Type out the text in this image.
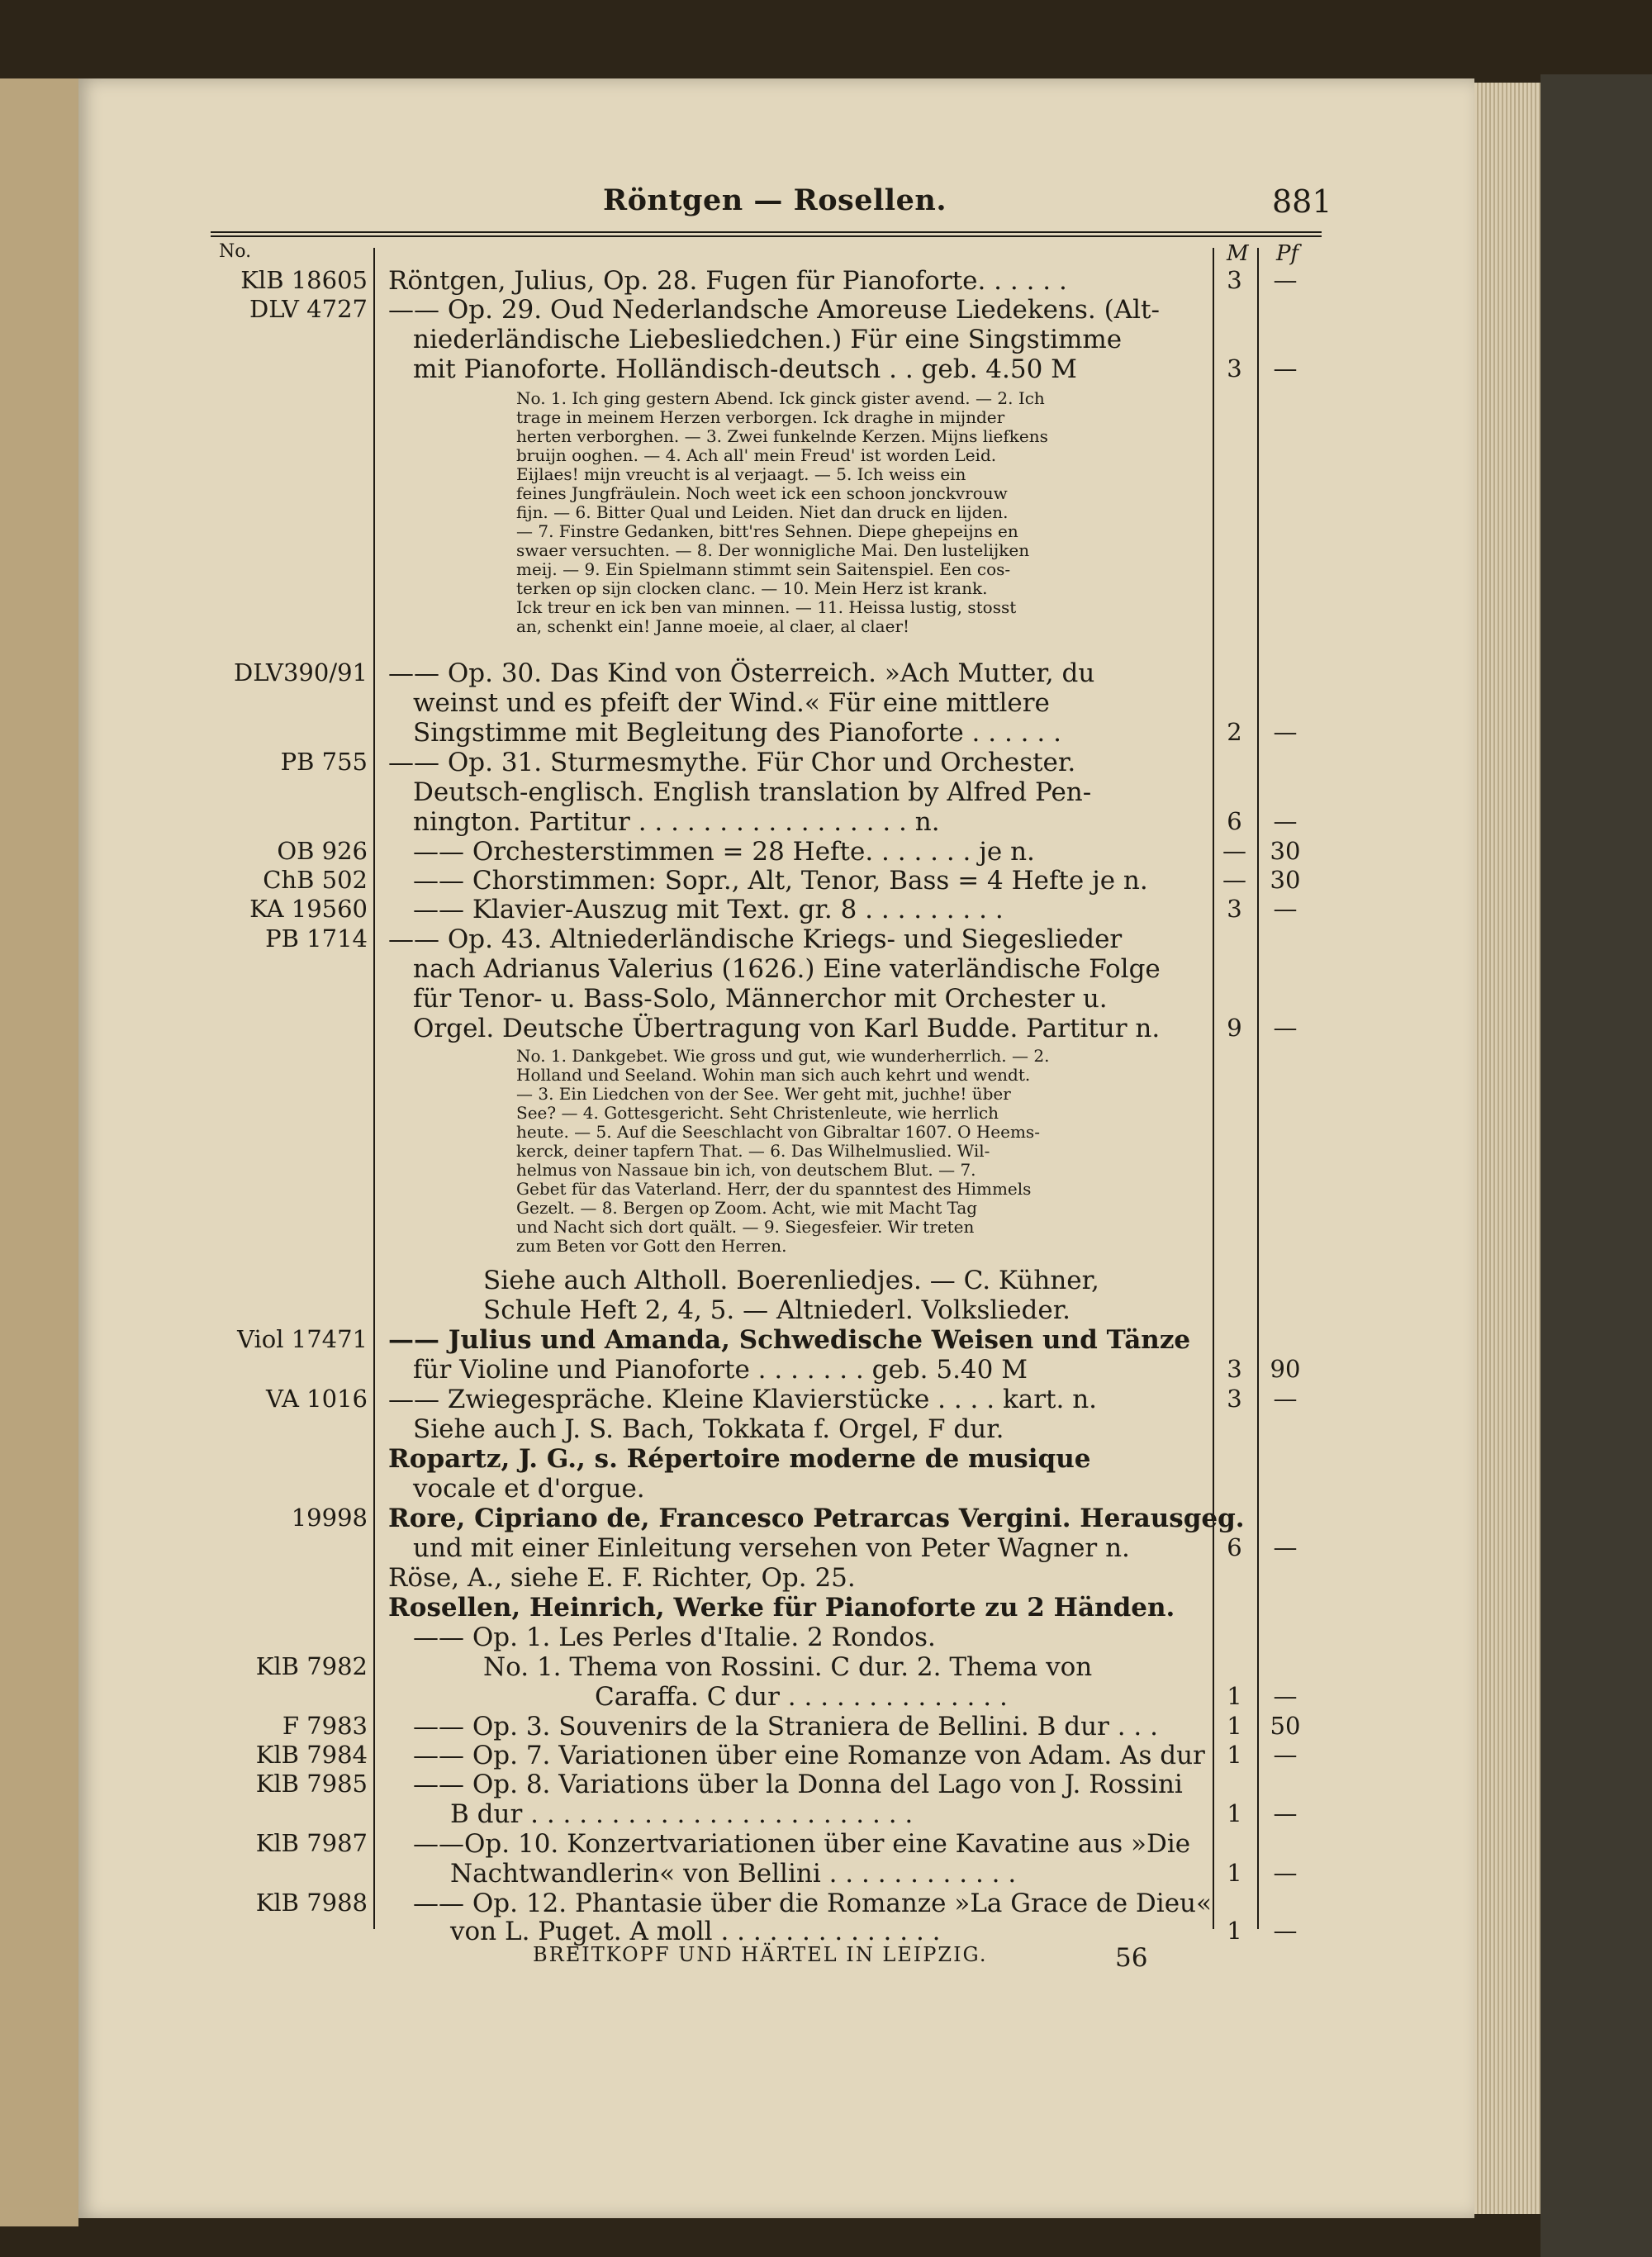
Röntgen — Rosellen.	881
No.	M Pf
KlB 18605 Röntgen, Julius, Op. 28. Fugen für Pianoforte. . . . . .	3	—
DLV 4727 —— Op. 29. Oud Nederlandsche Amoreuse Liedekens. (Alt-
niederländische Liebesliedchen.) Für eine Singstimme
mit Pianoforte. Holländisch-deutsch . . geb. 4.50 M	3	—
No. 1. Ich ging gestern Abend. Ick ginck gister avend. — 2. Ich
trage in meinem Herzen verborgen. Ick draghe in mijnder
herten verborghen. — 3. Zwei funkelnde Kerzen. Mijns liefkens
bruijn ooghen. — 4. Ach all' mein Freud' ist worden Leid.
Eijlaes! mijn vreucht is al verjaagt. — 5. Ich weiss ein
feines Jungfräulein. Noch weet ick een schoon jonckvrouw
fijn. — 6. Bitter Qual und Leiden. Niet dan druck en lijden.
— 7. Finstre Gedanken, bitt'res Sehnen. Diepe ghepeijns en
swaer versuchten. — 8. Der wonnigliche Mai. Den lustelijken
meij. — 9. Ein Spielmann stimmt sein Saitenspiel. Een cos-
terken op sijn clocken clanc. — 10. Mein Herz ist krank.
Ick treur en ick ben van minnen. — 11. Heissa lustig, stosst
an, schenkt ein! Janne moeie, al claer, al claer!
DLV390/91 —— Op. 30. Das Kind von Österreich. »Ach Mutter, du
weinst und es pfeift der Wind.« Für eine mittlere
Singstimme mit Begleitung des Pianoforte . . . . . .	2	—
PB 755 —— Op. 31. Sturmesmythe. Für Chor und Orchester.
Deutsch-englisch. English translation by Alfred Pen-
nington. Partitur . . . . . . . . . . . . . . . . . n.	6	—
OB 926 —— Orchesterstimmen = 28 Hefte. . . . . . . je n.	— 30
ChB 502 —— Chorstimmen: Sopr., Alt, Tenor, Bass = 4 Hefte je n.	— 30
KA 19560 —— Klavier-Auszug mit Text. gr. 8 . . . . . . . . .	3	—
PB 1714 —— Op. 43. Altniederländische Kriegs- und Siegeslieder
nach Adrianus Valerius (1626.) Eine vaterländische Folge
für Tenor- u. Bass-Solo, Männerchor mit Orchester u.
Orgel. Deutsche Übertragung von Karl Budde. Partitur n.	9	—
No. 1. Dankgebet. Wie gross und gut, wie wunderherrlich. — 2.
Holland und Seeland. Wohin man sich auch kehrt und wendt.
— 3. Ein Liedchen von der See. Wer geht mit, juchhe! über
See? — 4. Gottesgericht. Seht Christenleute, wie herrlich
heute. — 5. Auf die Seeschlacht von Gibraltar 1607. O Heems-
kerck, deiner tapfern That. — 6. Das Wilhelmuslied. Wil-
helmus von Nassaue bin ich, von deutschem Blut. — 7.
Gebet für das Vaterland. Herr, der du spanntest des Himmels
Gezelt. — 8. Bergen op Zoom. Acht, wie mit Macht Tag
und Nacht sich dort quält. — 9. Siegesfeier. Wir treten
zum Beten vor Gott den Herren.
Siehe auch Altholl. Boerenliedjes. — C. Kühner,
Schule Heft 2, 4, 5. — Altniederl. Volkslieder.
Viol 17471 —— Julius und Amanda, Schwedische Weisen und Tänze
für Violine und Pianoforte . . . . . . . geb. 5.40 M	3	90
VA 1016 —— Zwiegespräche. Kleine Klavierstücke . . . . kart. n.	3	—
Siehe auch J. S. Bach, Tokkata f. Orgel, F dur.
Ropartz, J. G., s. Répertoire moderne de musique
vocale et d'orgue.
19998 Rore, Cipriano de, Francesco Petrarcas Vergini. Herausgeg.
und mit einer Einleitung versehen von Peter Wagner n.	6	—
Röse, A., siehe E. F. Richter, Op. 25.
Rosellen, Heinrich, Werke für Pianoforte zu 2 Händen.
—— Op. 1. Les Perles d'Italie. 2 Rondos.
KlB 7982	No. 1. Thema von Rossini. C dur. 2. Thema von
Caraffa. C dur . . . . . . . . . . . . . .	1	—
F 7983 —— Op. 3. Souvenirs de la Straniera de Bellini. B dur . . .	1	50
KlB 7984 —— Op. 7. Variationen über eine Romanze von Adam. As dur 1	—
KlB 7985 —— Op. 8. Variations über la Donna del Lago von J. Rossini
B dur . . . . . . . . . . . . . . . . . . . . . . . .	1	—
KlB 7987 ——Op. 10. Konzertvariationen über eine Kavatine aus »Die
Nachtwandlerin« von Bellini . . . . . . . . . . . .	1	—
KlB 7988 —— Op. 12. Phantasie über die Romanze »La Grace de Dieu«
von L. Puget. A moll . . . . . . . . . . . . . .	1	—
BREITKOPF UND HÄRTEL IN LEIPZIG.	56
